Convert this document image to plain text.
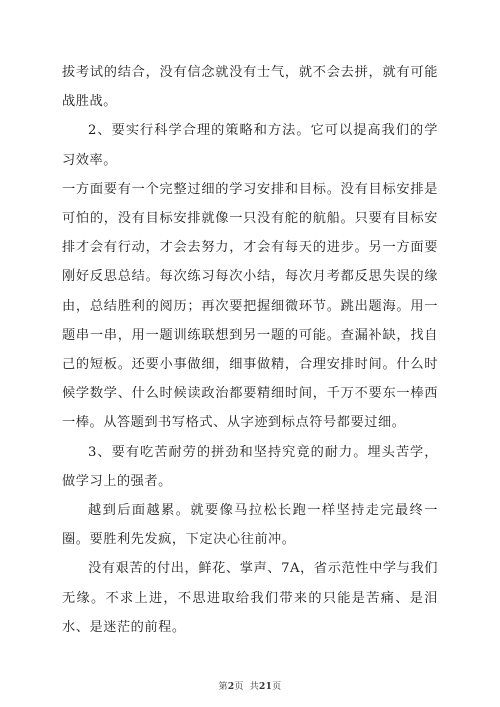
拔考试的结合，没有信念就没有士气，就不会去拼，就有可能战胜战。

2、要实行科学合理的策略和方法。它可以提高我们的学习效率。

一方面要有一个完整过细的学习安排和目标。没有目标安排是可怕的，没有目标安排就像一只没有舵的航船。只要有目标安排才会有行动，才会去努力，才会有每天的进步。另一方面要刚好反思总结。每次练习每次小结，每次月考都反思失误的缘由，总结胜利的阅历；再次要把握细微环节。跳出题海。用一题串一串，用一题训练联想到另一题的可能。查漏补缺，找自己的短板。还要小事做细，细事做精，合理安排时间。什么时候学数学、什么时候读政治都要精细时间，千万不要东一棒西一棒。从答题到书写格式、从字迹到标点符号都要过细。

3、要有吃苦耐劳的拼劲和坚持究竟的耐力。埋头苦学，做学习上的强者。

越到后面越累。就要像马拉松长跑一样坚持走完最终一圈。要胜利先发疯，下定决心往前冲。

没有艰苦的付出，鲜花、掌声、7A，省示范性中学与我们无缘。不求上进，不思进取给我们带来的只能是苦痛、是泪水、是迷茫的前程。

第2页 共21页
